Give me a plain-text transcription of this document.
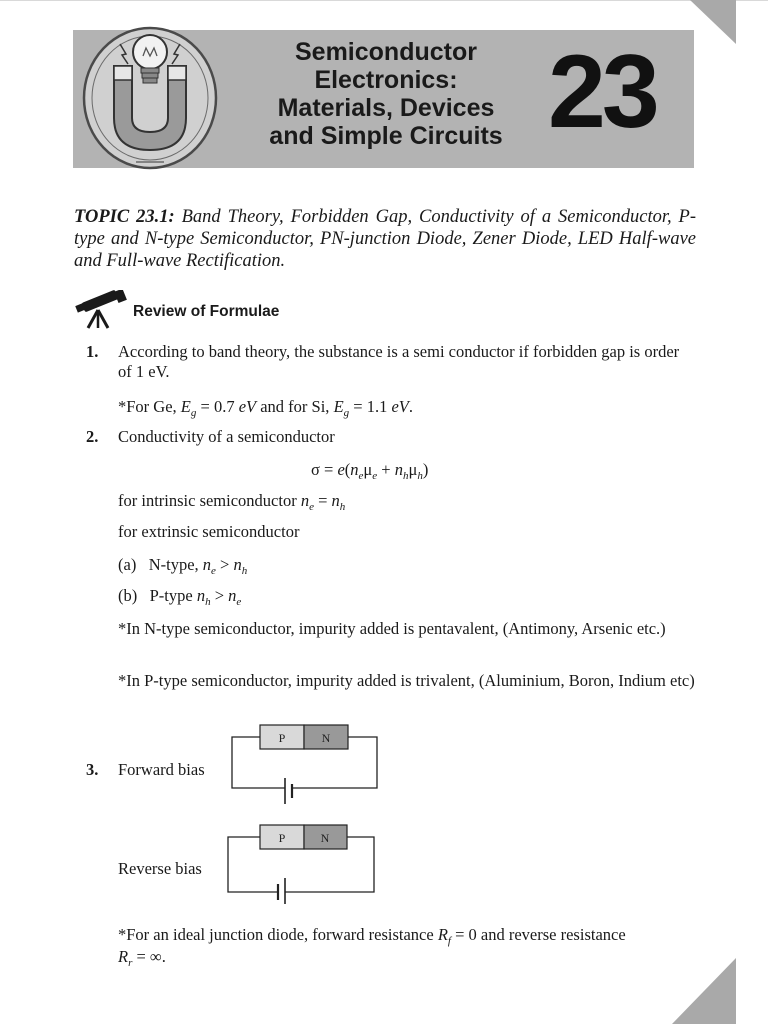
Semiconductor
Electronics:
Materials, Devices
and Simple Circuits 23
TOPIC 23.1: Band Theory, Forbidden Gap, Conductivity of a Semiconductor, P-type and N-type Semiconductor, PN-junction Diode, Zener Diode, LED Half-wave and Full-wave Rectification.
Review of Formulae
1. According to band theory, the substance is a semi conductor if forbidden gap is order of 1 eV.
*For Ge, $E_g = 0.7$ eV and for Si, $E_g = 1.1$ eV.
2. Conductivity of a semiconductor
$\sigma = e(n_e\mu_e + n_h\mu_h)$
for intrinsic semiconductor $n_e = n_h$
for extrinsic semiconductor
(a) N-type, $n_e > n_h$
(b) P-type $n_h > n_e$
*In N-type semiconductor, impurity added is pentavalent, (Antimony, Arsenic etc.)
*In P-type semiconductor, impurity added is trivalent, (Aluminium, Boron, Indium etc)
3. Forward bias
P	N
Reverse bias
P	N
*For an ideal junction diode, forward resistance $R_f = 0$ and reverse resistance
$R_r$ = ∞.
